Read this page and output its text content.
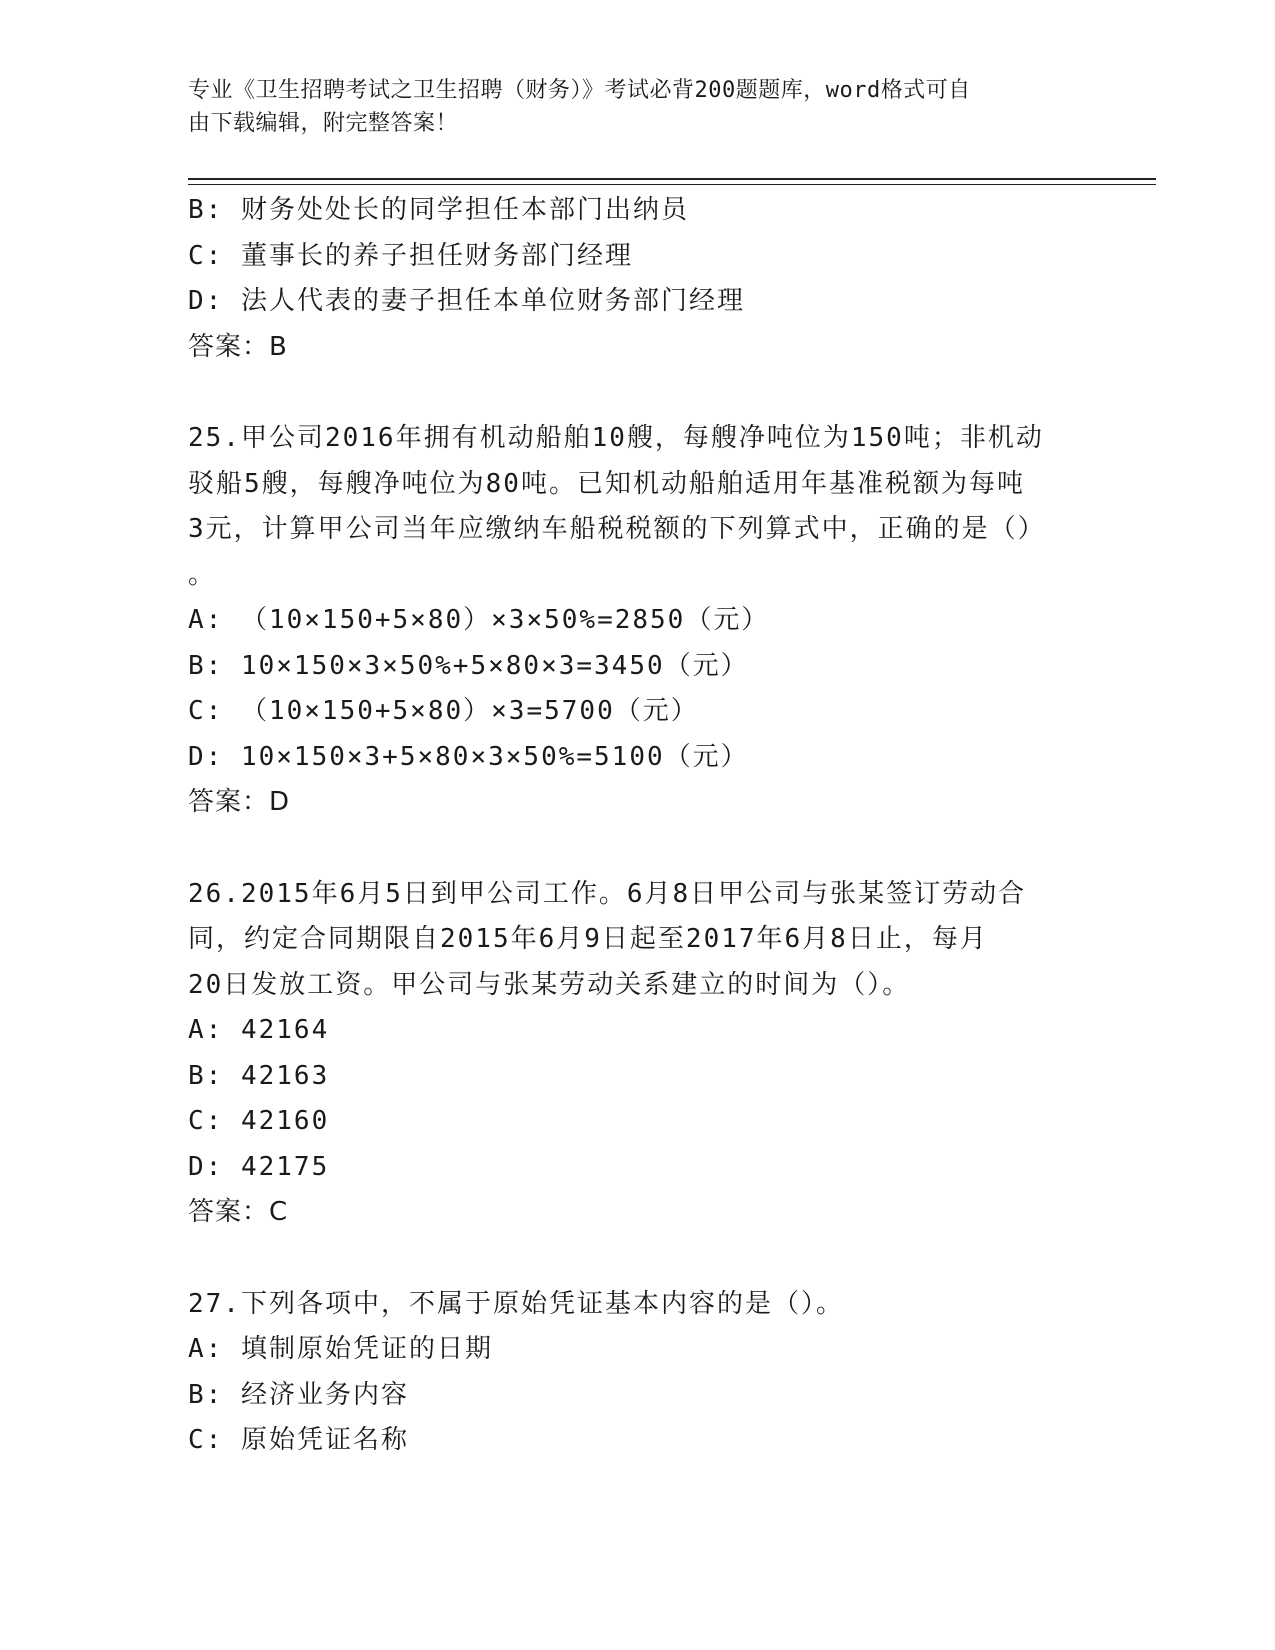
专业《卫生招聘考试之卫生招聘（财务）》考试必背200题题库，word格式可自
由下载编辑，附完整答案！
B: 财务处处长的同学担任本部门出纳员
C: 董事长的养子担任财务部门经理
D: 法人代表的妻子担任本单位财务部门经理
答案：B
25.甲公司2016年拥有机动船舶10艘，每艘净吨位为150吨；非机动
驳船5艘，每艘净吨位为80吨。已知机动船舶适用年基准税额为每吨
3元，计算甲公司当年应缴纳车船税税额的下列算式中，正确的是（）
。
A: （10×150+5×80）×3×50%=2850（元）
B: 10×150×3×50%+5×80×3=3450（元）
C: （10×150+5×80）×3=5700（元）
D: 10×150×3+5×80×3×50%=5100（元）
答案：D
26.2015年6月5日到甲公司工作。6月8日甲公司与张某签订劳动合
同，约定合同期限自2015年6月9日起至2017年6月8日止，每月
20日发放工资。甲公司与张某劳动关系建立的时间为（）。
A: 42164
B: 42163
C: 42160
D: 42175
答案：C
27.下列各项中，不属于原始凭证基本内容的是（）。
A: 填制原始凭证的日期
B: 经济业务内容
C: 原始凭证名称
